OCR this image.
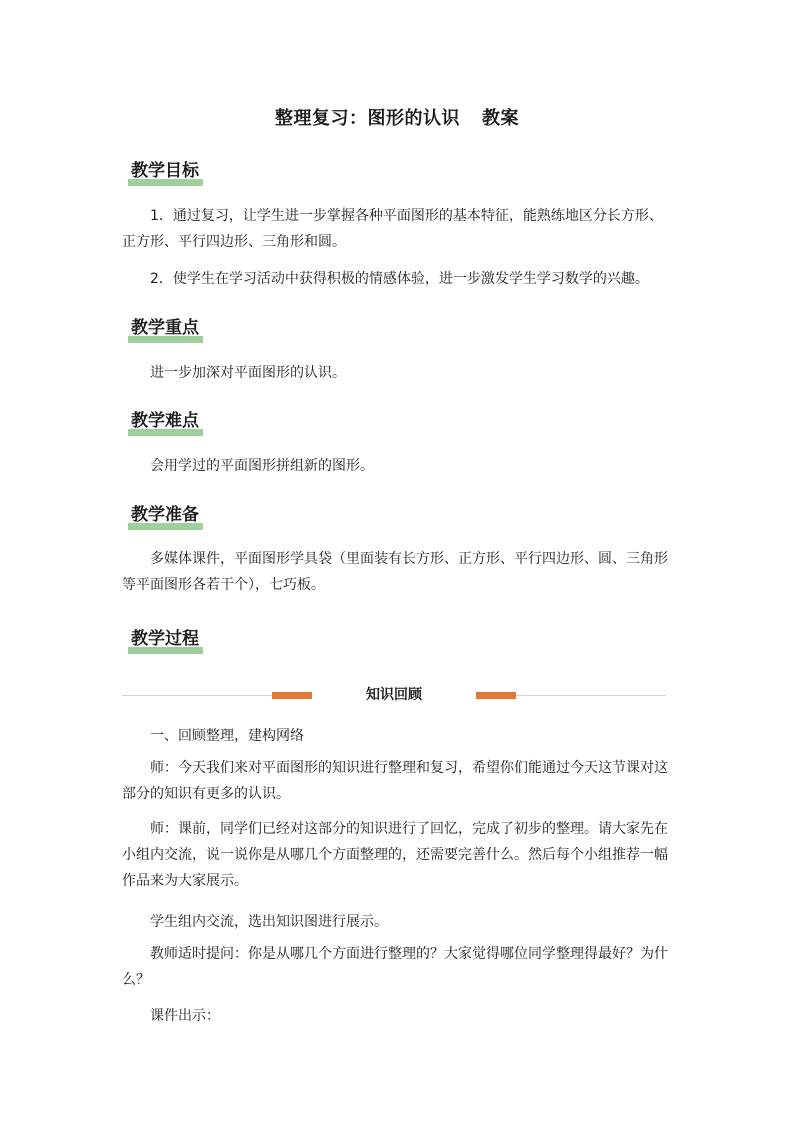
整理复习：图形的认识 教案
教学目标

1．通过复习，让学生进一步掌握各种平面图形的基本特征，能熟练地区分长方形、正方形、平行四边形、三角形和圆。

2．使学生在学习活动中获得积极的情感体验，进一步激发学生学习数学的兴趣。

教学重点

进一步加深对平面图形的认识。

教学难点

会用学过的平面图形拼组新的图形。

教学准备

多媒体课件，平面图形学具袋（里面装有长方形、正方形、平行四边形、圆、三角形等平面图形各若干个），七巧板。

教学过程
知识回顾

一、回顾整理，建构网络

师：今天我们来对平面图形的知识进行整理和复习，希望你们能通过今天这节课对这部分的知识有更多的认识。

师：课前，同学们已经对这部分的知识进行了回忆，完成了初步的整理。请大家先在小组内交流，说一说你是从哪几个方面整理的，还需要完善什么。然后每个小组推荐一幅作品来为大家展示。

学生组内交流，选出知识图进行展示。

教师适时提问：你是从哪几个方面进行整理的？大家觉得哪位同学整理得最好？为什么？

课件出示：
